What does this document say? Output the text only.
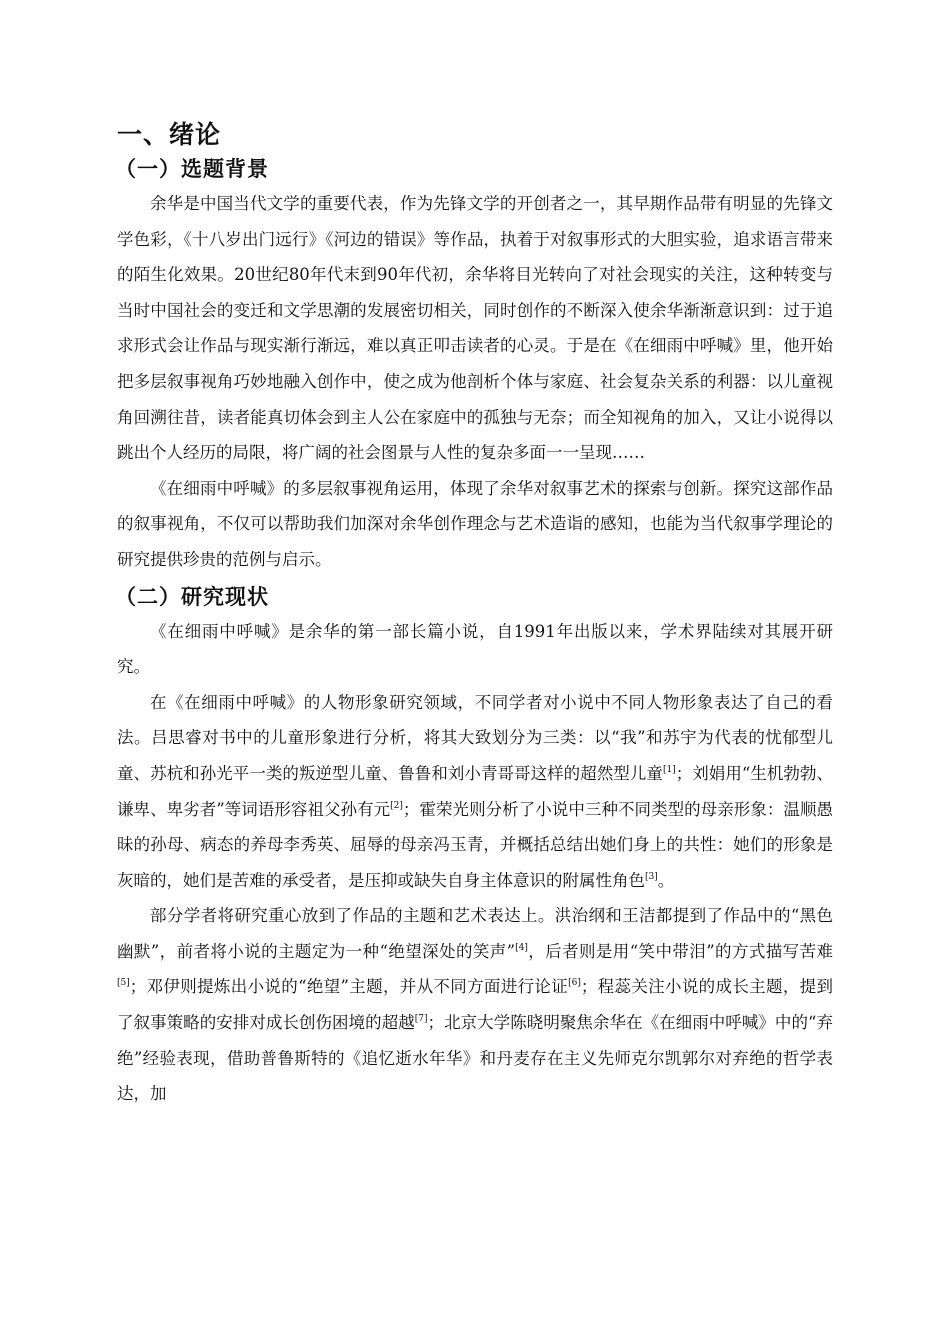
一、绪论
（一）选题背景

余华是中国当代文学的重要代表，作为先锋文学的开创者之一，其早期作品带有明显的先锋文学色彩，《十八岁出门远行》《河边的错误》等作品，执着于对叙事形式的大胆实验，追求语言带来的陌生化效果。20世纪80年代末到90年代初，余华将目光转向了对社会现实的关注，这种转变与当时中国社会的变迁和文学思潮的发展密切相关，同时创作的不断深入使余华渐渐意识到：过于追求形式会让作品与现实渐行渐远，难以真正叩击读者的心灵。于是在《在细雨中呼喊》里，他开始把多层叙事视角巧妙地融入创作中，使之成为他剖析个体与家庭、社会复杂关系的利器：以儿童视角回溯往昔，读者能真切体会到主人公在家庭中的孤独与无奈；而全知视角的加入，又让小说得以跳出个人经历的局限，将广阔的社会图景与人性的复杂多面一一呈现……

《在细雨中呼喊》的多层叙事视角运用，体现了余华对叙事艺术的探索与创新。探究这部作品的叙事视角，不仅可以帮助我们加深对余华创作理念与艺术造诣的感知，也能为当代叙事学理论的研究提供珍贵的范例与启示。

（二）研究现状

《在细雨中呼喊》是余华的第一部长篇小说，自1991年出版以来，学术界陆续对其展开研究。

在《在细雨中呼喊》的人物形象研究领域，不同学者对小说中不同人物形象表达了自己的看法。吕思睿对书中的儿童形象进行分析，将其大致划分为三类：以“我”和苏宇为代表的忧郁型儿童、苏杭和孙光平一类的叛逆型儿童、鲁鲁和刘小青哥哥这样的超然型儿童[1]；刘娟用“生机勃勃、谦卑、卑劣者”等词语形容祖父孙有元[2]；霍荣光则分析了小说中三种不同类型的母亲形象：温顺愚昧的孙母、病态的养母李秀英、屈辱的母亲冯玉青，并概括总结出她们身上的共性：她们的形象是灰暗的，她们是苦难的承受者，是压抑或缺失自身主体意识的附属性角色[3]。

部分学者将研究重心放到了作品的主题和艺术表达上。洪治纲和王洁都提到了作品中的“黑色幽默”，前者将小说的主题定为一种“绝望深处的笑声”[4]，后者则是用“笑中带泪”的方式描写苦难[5]；邓伊则提炼出小说的“绝望”主题，并从不同方面进行论证[6]；程蕊关注小说的成长主题，提到了叙事策略的安排对成长创伤困境的超越[7]；北京大学陈晓明聚焦余华在《在细雨中呼喊》中的“弃绝”经验表现，借助普鲁斯特的《追忆逝水年华》和丹麦存在主义先师克尔凯郭尔对弃绝的哲学表达，加
